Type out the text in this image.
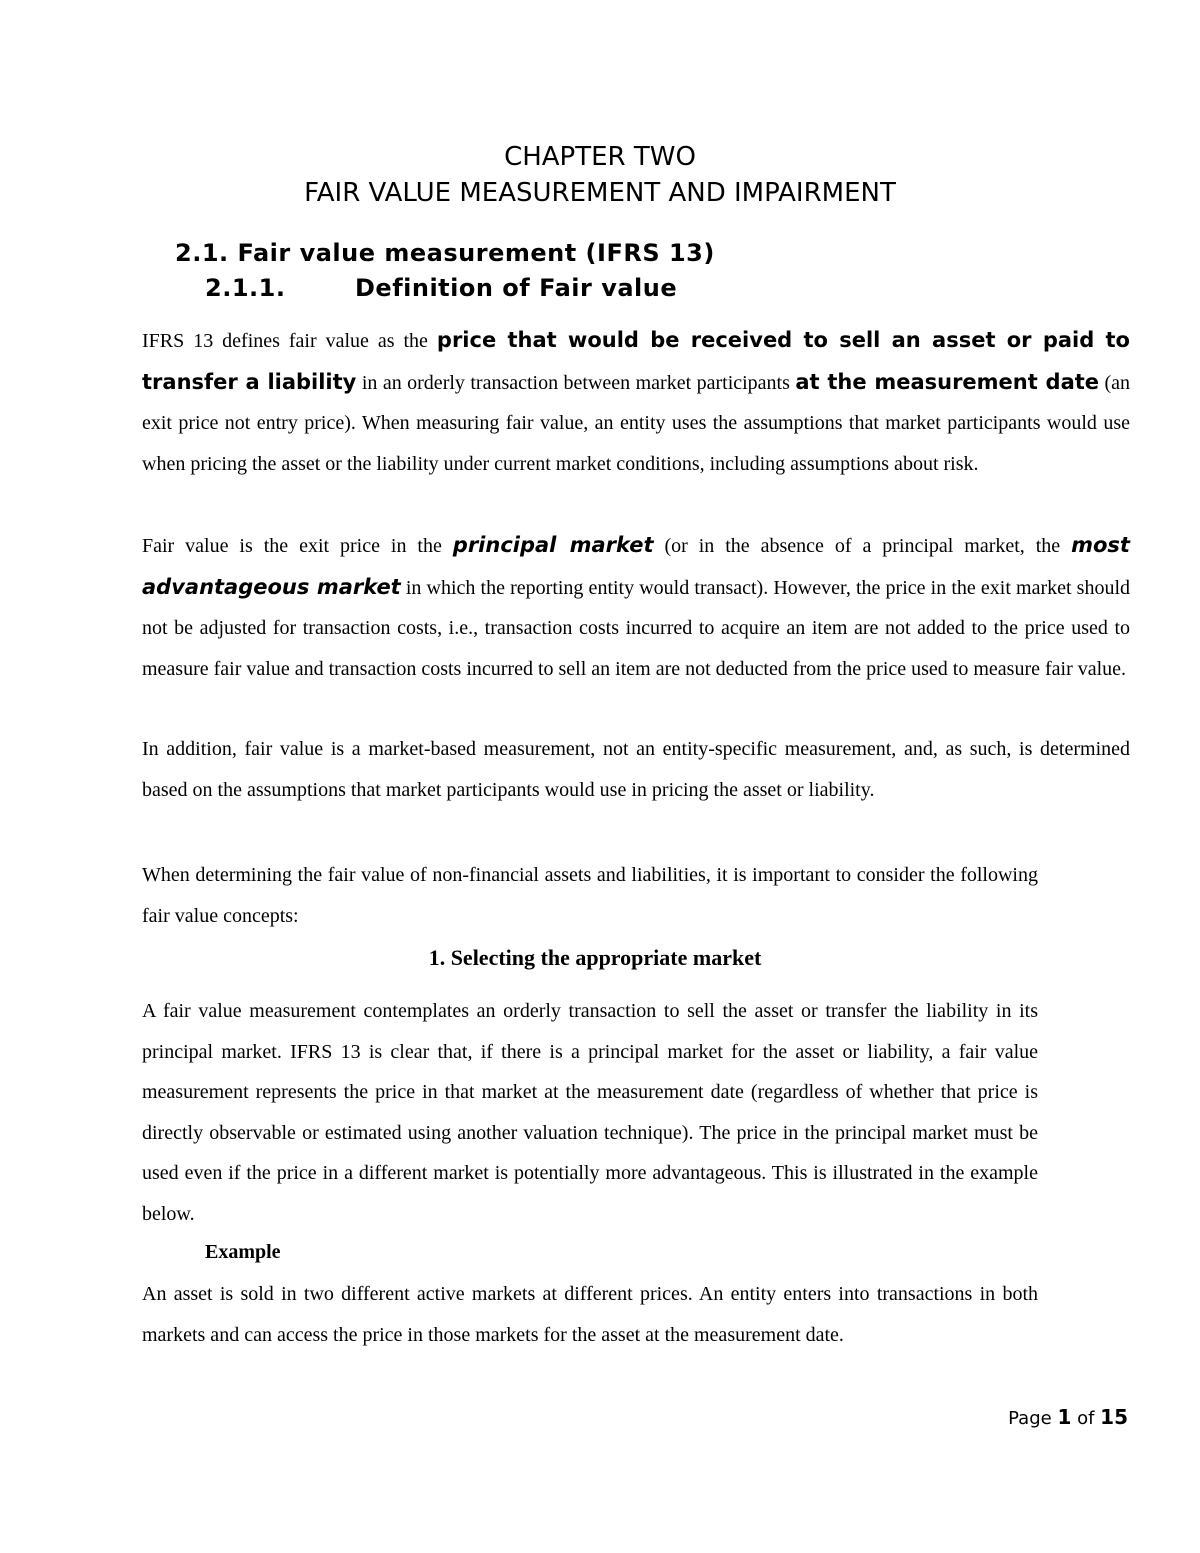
CHAPTER TWO
FAIR VALUE MEASUREMENT AND IMPAIRMENT
2.1. Fair value measurement (IFRS 13)
2.1.1.	Definition of Fair value
IFRS 13 defines fair value as the price that would be received to sell an asset or paid to transfer a liability in an orderly transaction between market participants at the measurement date (an exit price not entry price). When measuring fair value, an entity uses the assumptions that market participants would use when pricing the asset or the liability under current market conditions, including assumptions about risk.
Fair value is the exit price in the principal market (or in the absence of a principal market, the most advantageous market in which the reporting entity would transact). However, the price in the exit market should not be adjusted for transaction costs, i.e., transaction costs incurred to acquire an item are not added to the price used to measure fair value and transaction costs incurred to sell an item are not deducted from the price used to measure fair value.
In addition, fair value is a market-based measurement, not an entity-specific measurement, and, as such, is determined based on the assumptions that market participants would use in pricing the asset or liability.
When determining the fair value of non-financial assets and liabilities, it is important to consider the following fair value concepts:
1. Selecting the appropriate market
A fair value measurement contemplates an orderly transaction to sell the asset or transfer the liability in its principal market. IFRS 13 is clear that, if there is a principal market for the asset or liability, a fair value measurement represents the price in that market at the measurement date (regardless of whether that price is directly observable or estimated using another valuation technique). The price in the principal market must be used even if the price in a different market is potentially more advantageous. This is illustrated in the example below.
Example
An asset is sold in two different active markets at different prices. An entity enters into transactions in both markets and can access the price in those markets for the asset at the measurement date.
Page 1 of 15
